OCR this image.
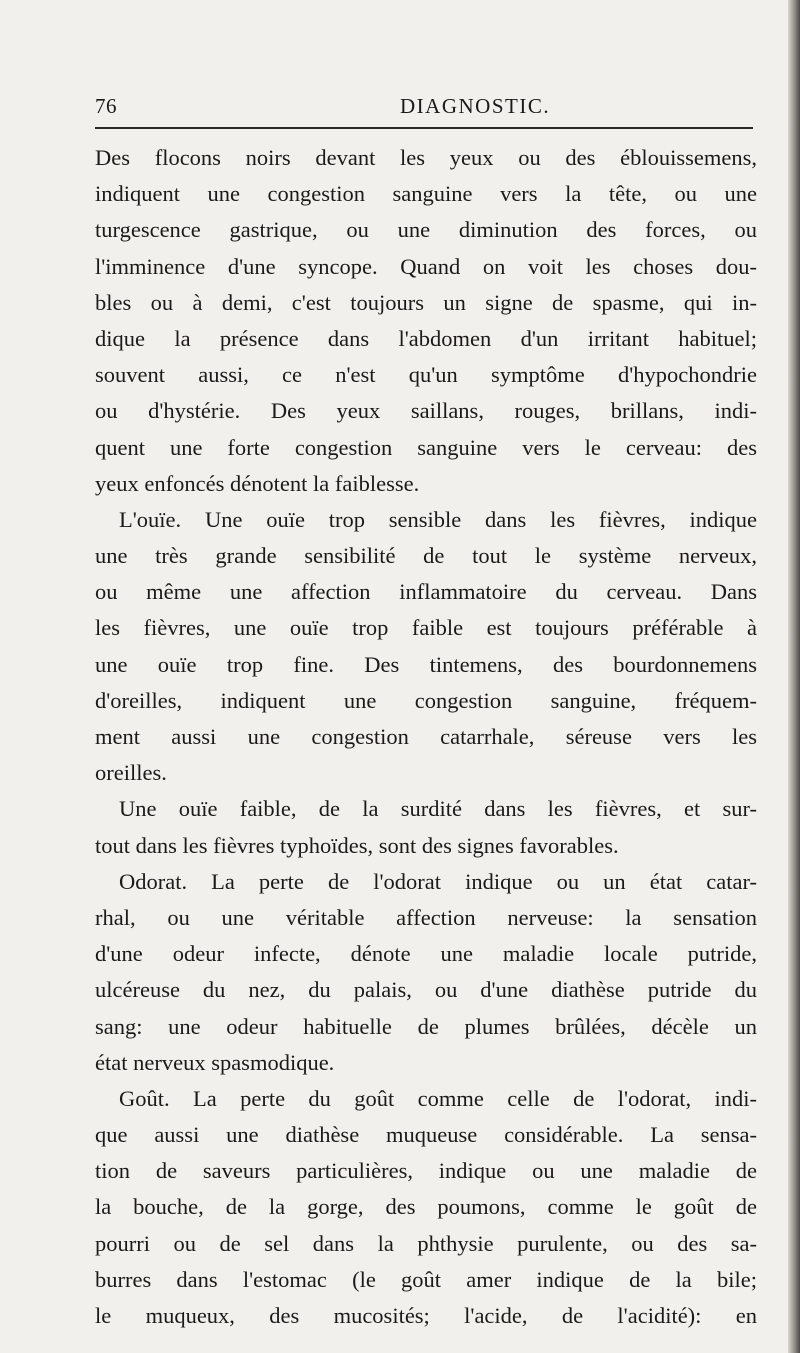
76	DIAGNOSTIC.
Des flocons noirs devant les yeux ou des éblouissemens,
indiquent une congestion sanguine vers la tête, ou une
turgescence gastrique, ou une diminution des forces, ou
l'imminence d'une syncope. Quand on voit les choses dou-
bles ou à demi, c'est toujours un signe de spasme, qui in-
dique la présence dans l'abdomen d'un irritant habituel;
souvent aussi, ce n'est qu'un symptôme d'hypochondrie
ou d'hystérie. Des yeux saillans, rouges, brillans, indi-
quent une forte congestion sanguine vers le cerveau: des
yeux enfoncés dénotent la faiblesse.
L'ouïe. Une ouïe trop sensible dans les fièvres, indique
une très grande sensibilité de tout le système nerveux,
ou même une affection inflammatoire du cerveau. Dans
les fièvres, une ouïe trop faible est toujours préférable à
une ouïe trop fine. Des tintemens, des bourdonnemens
d'oreilles, indiquent une congestion sanguine, fréquem-
ment aussi une congestion catarrhale, séreuse vers les
oreilles.
Une ouïe faible, de la surdité dans les fièvres, et sur-
tout dans les fièvres typhoïdes, sont des signes favorables.
Odorat. La perte de l'odorat indique ou un état catar-
rhal, ou une véritable affection nerveuse: la sensation
d'une odeur infecte, dénote une maladie locale putride,
ulcéreuse du nez, du palais, ou d'une diathèse putride du
sang: une odeur habituelle de plumes brûlées, décèle un
état nerveux spasmodique.
Goût. La perte du goût comme celle de l'odorat, indi-
que aussi une diathèse muqueuse considérable. La sensa-
tion de saveurs particulières, indique ou une maladie de
la bouche, de la gorge, des poumons, comme le goût de
pourri ou de sel dans la phthysie purulente, ou des sa-
burres dans l'estomac (le goût amer indique de la bile;
le muqueux, des mucosités; l'acide, de l'acidité): en
